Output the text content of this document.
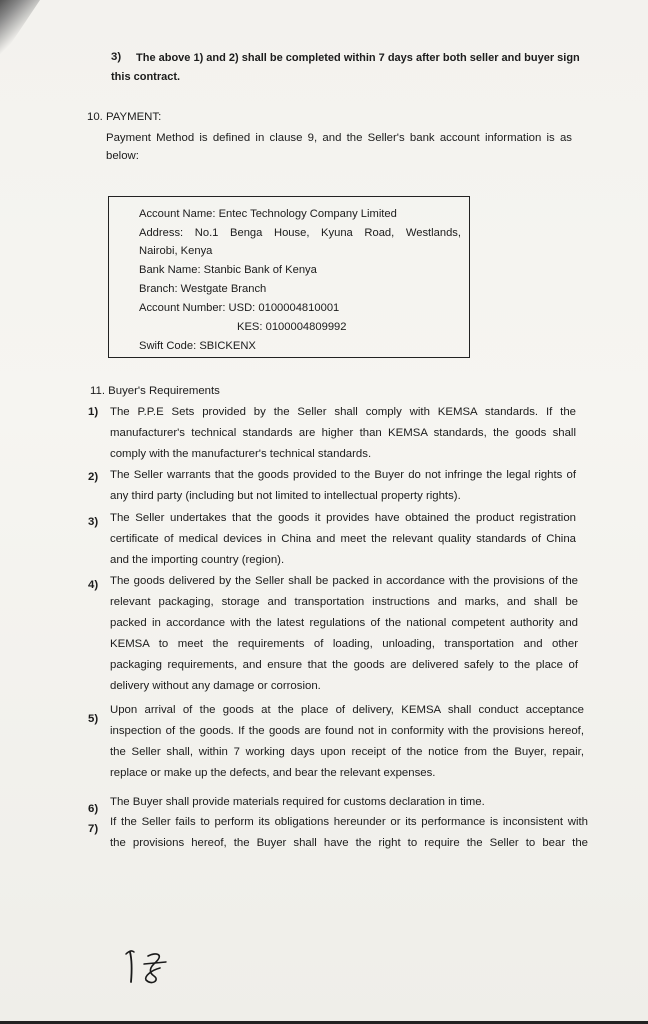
3) The above 1) and 2) shall be completed within 7 days after both seller and buyer sign
this contract.
10. PAYMENT:
Payment Method is defined in clause 9, and the Seller's bank account information is as
below:
Account Name: Entec Technology Company Limited
Address: No.1 Benga House, Kyuna Road, Westlands,
Nairobi, Kenya
Bank Name: Stanbic Bank of Kenya
Branch: Westgate Branch
Account Number: USD: 0100004810001
KES: 0100004809992
Swift Code: SBICKENX
11. Buyer's Requirements
1) The P.P.E Sets provided by the Seller shall comply with KEMSA standards. If the
manufacturer's technical standards are higher than KEMSA standards, the goods shall
comply with the manufacturer's technical standards.
2) The Seller warrants that the goods provided to the Buyer do not infringe the legal rights of
any third party (including but not limited to intellectual property rights).
3) The Seller undertakes that the goods it provides have obtained the product registration
certificate of medical devices in China and meet the relevant quality standards of China
and the importing country (region).
4) The goods delivered by the Seller shall be packed in accordance with the provisions of the
relevant packaging, storage and transportation instructions and marks, and shall be
packed in accordance with the latest regulations of the national competent authority and
KEMSA to meet the requirements of loading, unloading, transportation and other
packaging requirements, and ensure that the goods are delivered safely to the place of
delivery without any damage or corrosion.
5)
Upon arrival of the goods at the place of delivery, KEMSA shall conduct acceptance
inspection of the goods. If the goods are found not in conformity with the provisions hereof,
the Seller shall, within 7 working days upon receipt of the notice from the Buyer, repair,
replace or make up the defects, and bear the relevant expenses.
6)
The Buyer shall provide materials required for customs declaration in time.
7)
If the Seller fails to perform its obligations hereunder or its performance is inconsistent with
the provisions hereof, the Buyer shall have the right to require the Seller to bear the
